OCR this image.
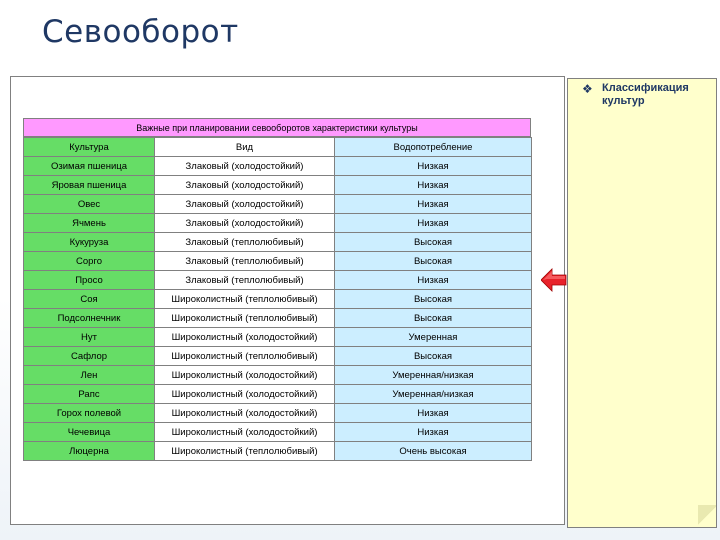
Севооборот
Важные при планировании севооборотов характеристики культуры
Культура	Вид	Водопотребление
Озимая пшеница	Злаковый (холодостойкий)	Низкая
Яровая пшеница	Злаковый (холодостойкий)	Низкая
Овес	Злаковый (холодостойкий)	Низкая
Ячмень	Злаковый (холодостойкий)	Низкая
Кукуруза	Злаковый (теплолюбивый)	Высокая
Сорго	Злаковый (теплолюбивый)	Высокая
Просо	Злаковый (теплолюбивый)	Низкая
Соя	Широколистный (теплолюбивый)	Высокая
Подсолнечник	Широколистный (теплолюбивый)	Высокая
Нут	Широколистный (холодостойкий)	Умеренная
Сафлор	Широколистный (теплолюбивый)	Высокая
Лен	Широколистный (холодостойкий)	Умеренная/низкая
Рапс	Широколистный (холодостойкий)	Умеренная/низкая
Горох полевой	Широколистный (холодостойкий)	Низкая
Чечевица	Широколистный (холодостойкий)	Низкая
Люцерна	Широколистный (теплолюбивый)	Очень высокая
❖ Классификация культур
